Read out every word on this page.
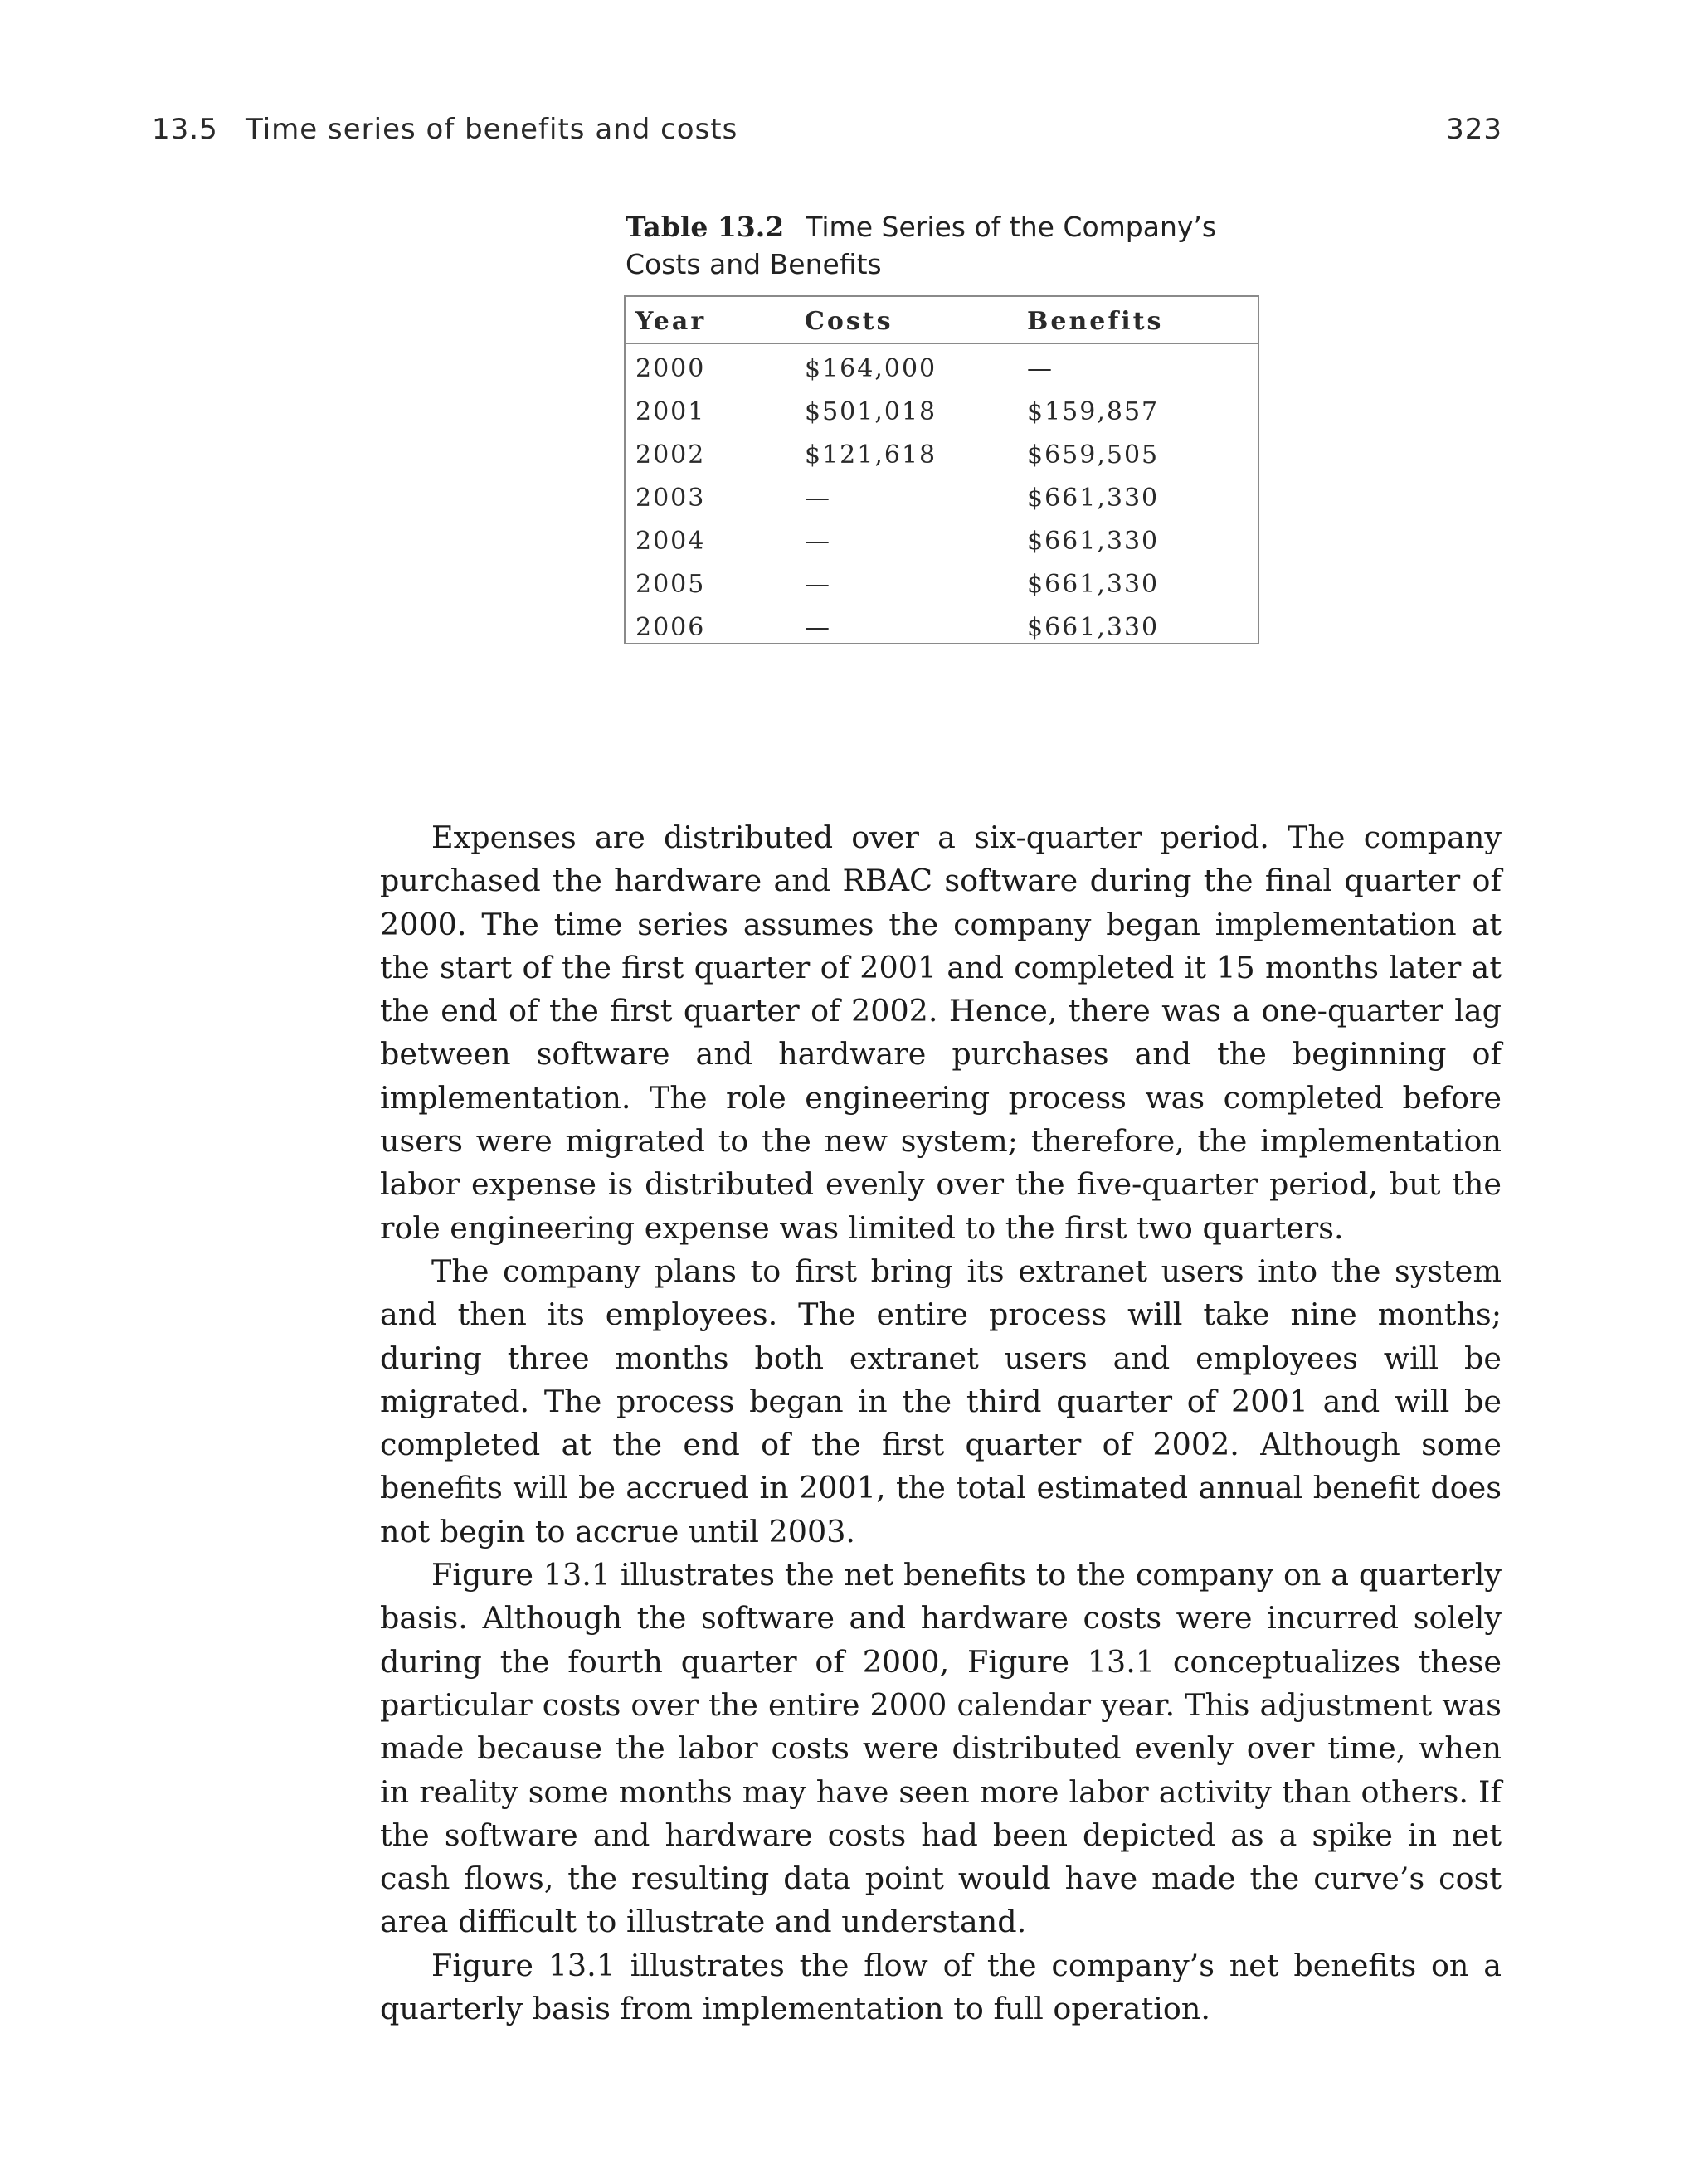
13.5 Time series of benefits and costs	323
Table 13.2 Time Series of the Company’s
Costs and Benefits
Year	Costs	Benefits
2000	$164,000	—
2001	$501,018	$159,857
2002	$121,618	$659,505
2003	—	$661,330
2004	—	$661,330
2005	—	$661,330
2006	—	$661,330

Expenses are distributed over a six-quarter period. The company purchased the hardware and RBAC software during the final quarter of 2000. The time series assumes the company began implementation at the start of the first quarter of 2001 and completed it 15 months later at the end of the first quarter of 2002. Hence, there was a one-quarter lag between software and hardware purchases and the beginning of implementation. The role engineering process was completed before users were migrated to the new system; therefore, the implementation labor expense is distributed evenly over the five-quarter period, but the role engineering expense was limited to the first two quarters.

The company plans to first bring its extranet users into the system and then its employees. The entire process will take nine months; during three months both extranet users and employees will be migrated. The process began in the third quarter of 2001 and will be completed at the end of the first quarter of 2002. Although some benefits will be accrued in 2001, the total estimated annual benefit does not begin to accrue until 2003.

Figure 13.1 illustrates the net benefits to the company on a quarterly basis. Although the software and hardware costs were incurred solely during the fourth quarter of 2000, Figure 13.1 conceptualizes these particular costs over the entire 2000 calendar year. This adjustment was made because the labor costs were distributed evenly over time, when in reality some months may have seen more labor activity than others. If the software and hardware costs had been depicted as a spike in net cash flows, the resulting data point would have made the curve’s cost area difficult to illustrate and understand.

Figure 13.1 illustrates the flow of the company’s net benefits on a quarterly basis from implementation to full operation.
